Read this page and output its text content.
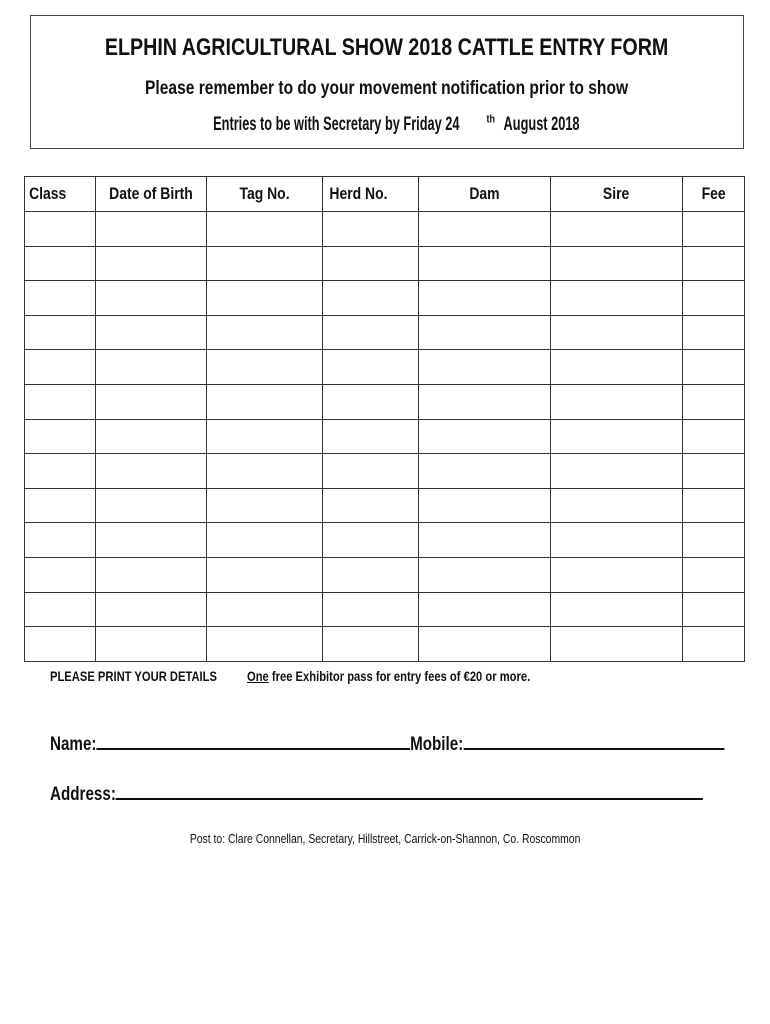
ELPHIN AGRICULTURAL SHOW 2018 CATTLE ENTRY FORM
Please remember to do your movement notification prior to show
Entries to be with Secretary by Friday 24 $^{th}$August 2018
Class	Date of Birth	Tag No.	Herd No.	Dam	Sire	Fee

PLEASE PRINT YOUR DETAILS	One free Exhibitor pass for entry fees of €20 or more.
Name:	Mobile:
Address:
Post to: Clare Connellan, Secretary, Hillstreet, Carrick-on-Shannon, Co. Roscommon
